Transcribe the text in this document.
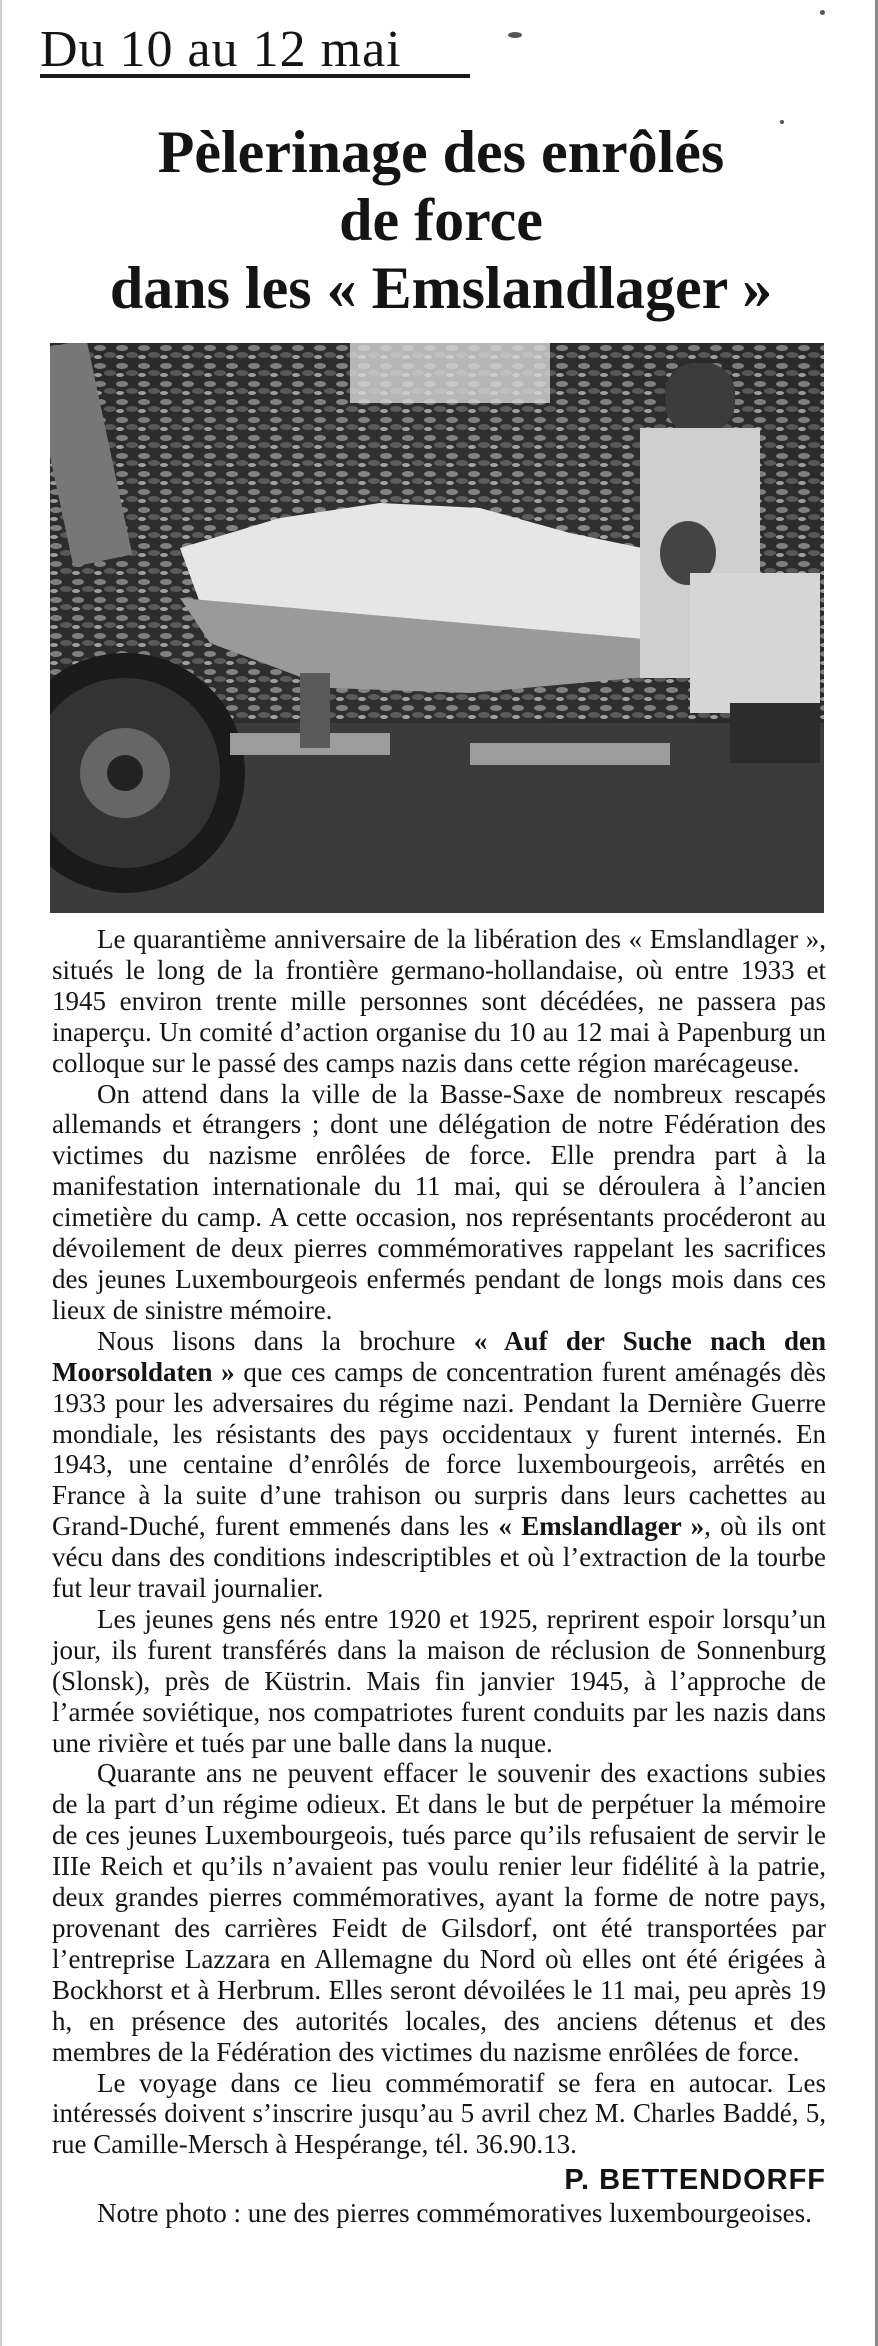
Du 10 au 12 mai
Pèlerinage des enrôlés
de force
dans les « Emslandlager »

Le quarantième anniversaire de la libération des « Emslandlager », situés le long de la frontière germano-hollandaise, où entre 1933 et 1945 environ trente mille personnes sont décédées, ne passera pas inaperçu. Un comité d’action organise du 10 au 12 mai à Papenburg un colloque sur le passé des camps nazis dans cette région marécageuse.

On attend dans la ville de la Basse-Saxe de nombreux rescapés allemands et étrangers ; dont une délégation de notre Fédération des victimes du nazisme enrôlées de force. Elle prendra part à la manifestation internationale du 11 mai, qui se déroulera à l’ancien cimetière du camp. A cette occasion, nos représentants procéderont au dévoilement de deux pierres commémoratives rappelant les sacrifices des jeunes Luxembourgeois enfermés pendant de longs mois dans ces lieux de sinistre mémoire.

Nous lisons dans la brochure « Auf der Suche nach den Moorsoldaten » que ces camps de concentration furent aménagés dès 1933 pour les adversaires du régime nazi. Pendant la Dernière Guerre mondiale, les résistants des pays occidentaux y furent internés. En 1943, une centaine d’enrôlés de force luxembourgeois, arrêtés en France à la suite d’une trahison ou surpris dans leurs cachettes au Grand-Duché, furent emmenés dans les « Emslandlager », où ils ont vécu dans des conditions indescriptibles et où l’extraction de la tourbe fut leur travail journalier.

Les jeunes gens nés entre 1920 et 1925, reprirent espoir lorsqu’un jour, ils furent transférés dans la maison de réclusion de Sonnenburg (Slonsk), près de Küstrin. Mais fin janvier 1945, à l’approche de l’armée soviétique, nos compatriotes furent conduits par les nazis dans une rivière et tués par une balle dans la nuque.

Quarante ans ne peuvent effacer le souvenir des exactions subies de la part d’un régime odieux. Et dans le but de perpétuer la mémoire de ces jeunes Luxembourgeois, tués parce qu’ils refusaient de servir le IIIe Reich et qu’ils n’avaient pas voulu renier leur fidélité à la patrie, deux grandes pierres commémoratives, ayant la forme de notre pays, provenant des carrières Feidt de Gilsdorf, ont été transportées par l’entreprise Lazzara en Allemagne du Nord où elles ont été érigées à Bockhorst et à Herbrum. Elles seront dévoilées le 11 mai, peu après 19 h, en présence des autorités locales, des anciens détenus et des membres de la Fédération des victimes du nazisme enrôlées de force.

Le voyage dans ce lieu commémoratif se fera en autocar. Les intéressés doivent s’inscrire jusqu’au 5 avril chez M. Charles Baddé, 5, rue Camille-Mersch à Hespérange, tél. 36.90.13.

P. BETTENDORFF

Notre photo : une des pierres commémoratives luxembourgeoises.
